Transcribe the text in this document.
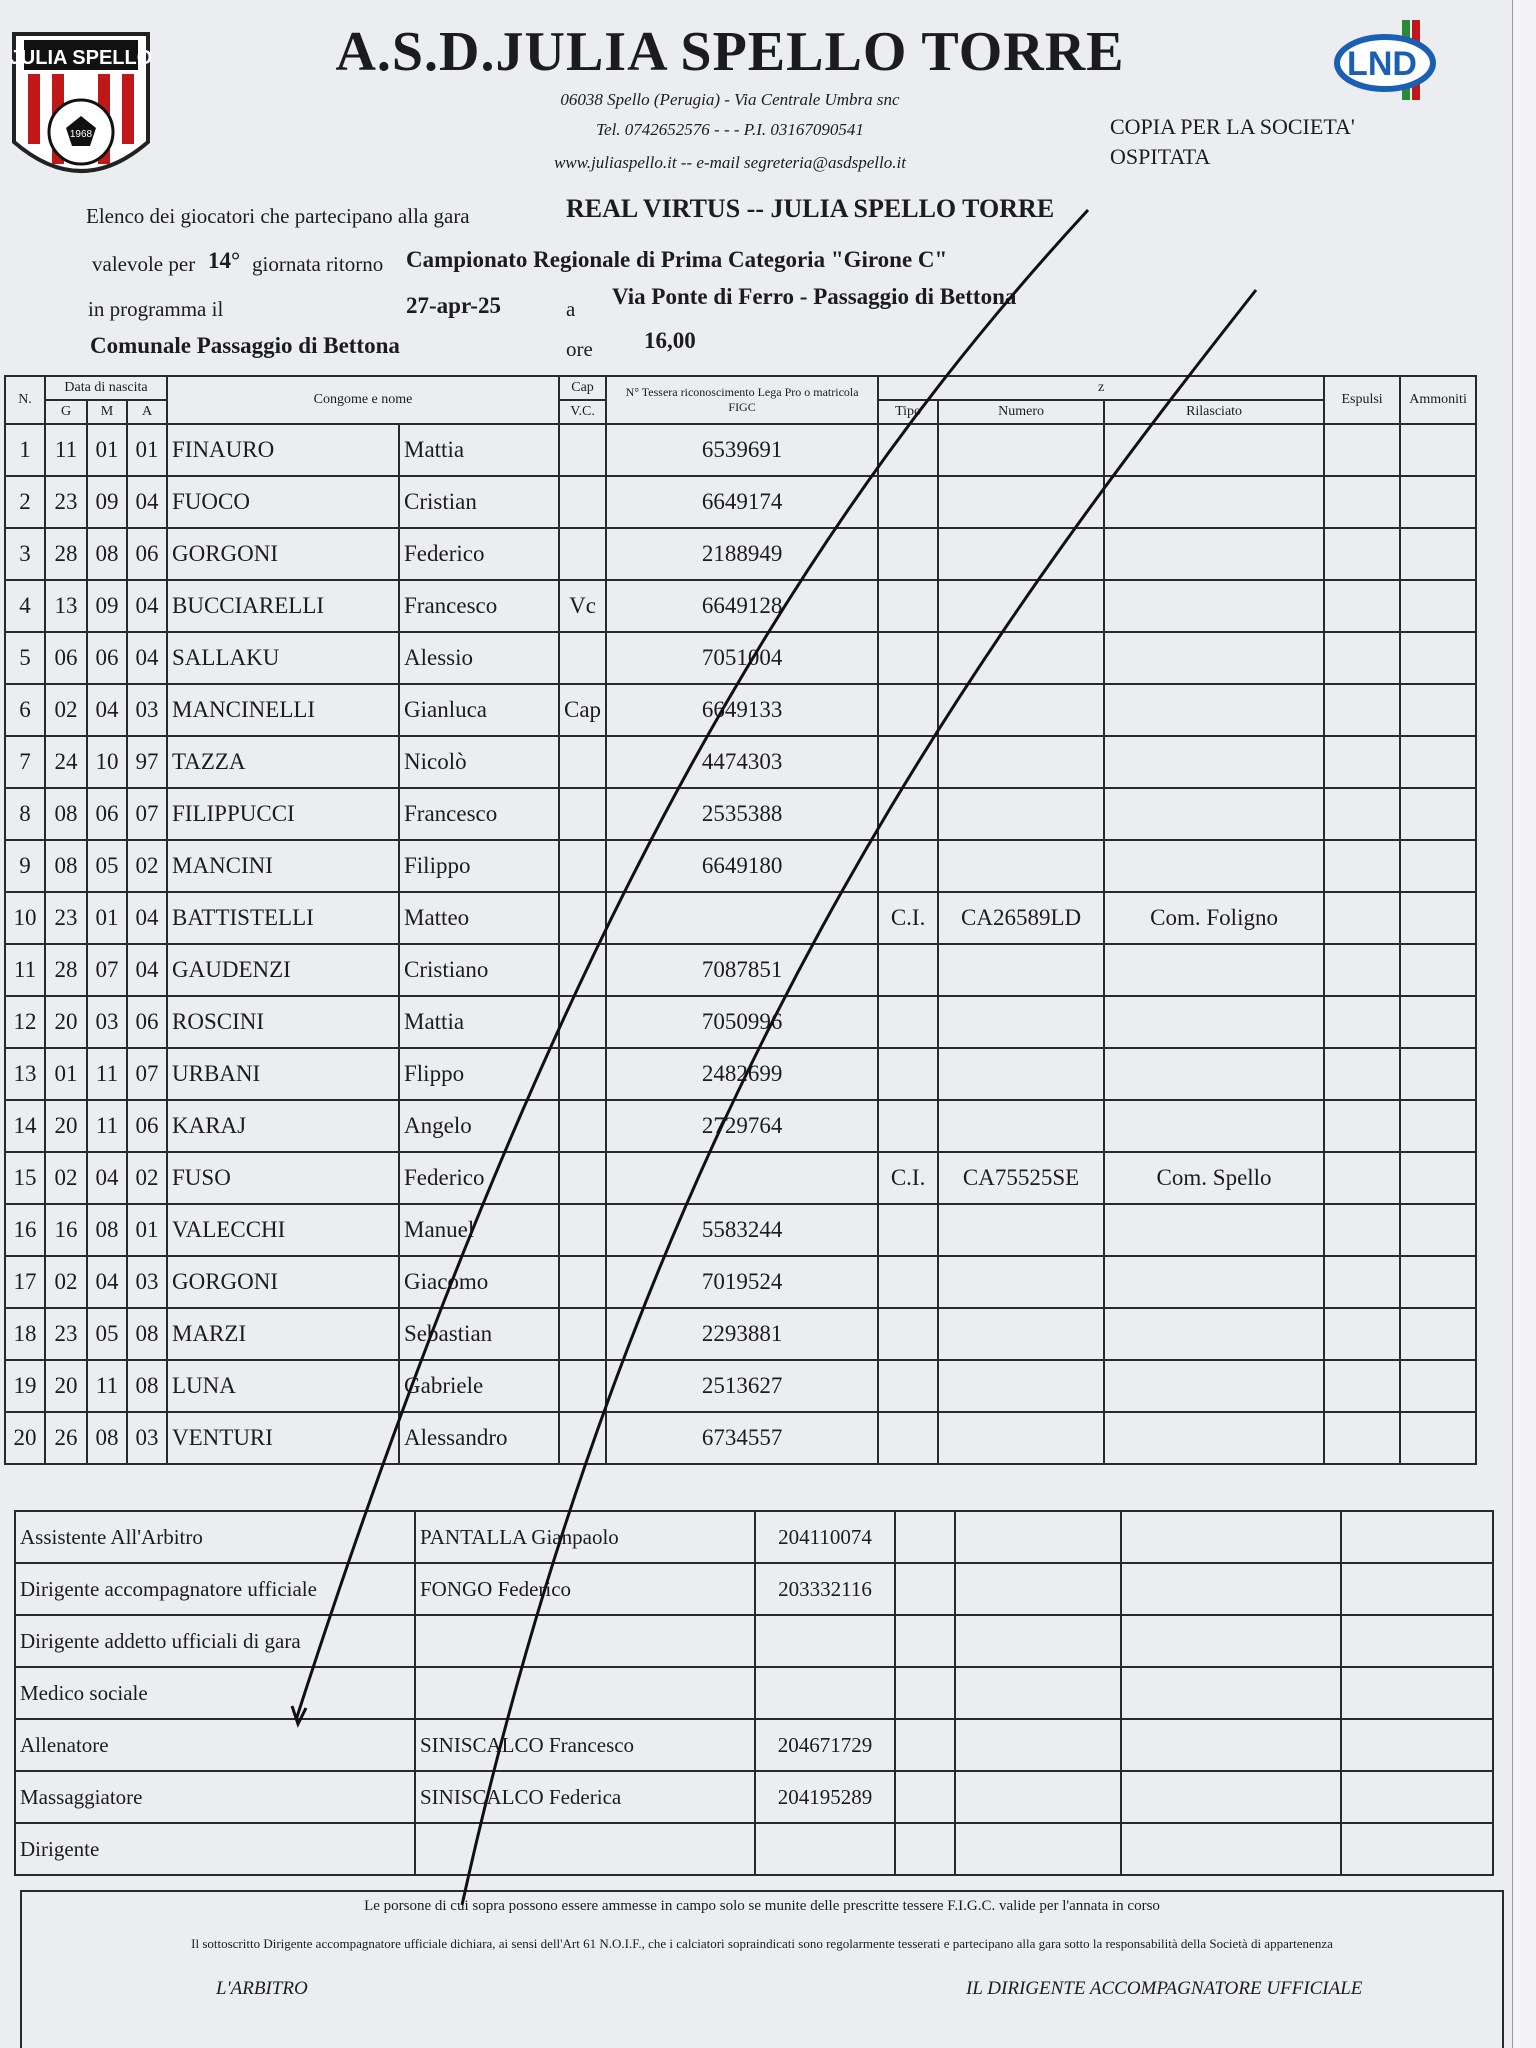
JULIA SPELLO
1968
A.S.D.JULIA SPELLO TORRE
06038 Spello (Perugia) - Via Centrale Umbra snc
Tel. 0742652576 - - - P.I. 03167090541
www.juliaspello.it -- e-mail segreteria@asdspello.it
LND
COPIA PER LA SOCIETA' OSPITATA
Elenco dei giocatori che partecipano alla gara	REAL VIRTUS -- JULIA SPELLO TORRE
valevole per 14° giornata ritorno Campionato Regionale di Prima Categoria "Girone C"
in programma il	27-apr-25	a Via Ponte di Ferro - Passaggio di Bettona
Comunale Passaggio di Bettona	ore 16,00
N.	Data di nascita			Congome e nome		Cap	N° Tessera riconoscimento Lega Pro o matricola FIGC	z			Espulsi	Ammoniti
	G	M	A			V.C.		Tipo	Numero	Rilasciato		
1	11	01	01	FINAURO	Mattia		6539691					
2	23	09	04	FUOCO	Cristian		6649174					
3	28	08	06	GORGONI	Federico		2188949					
4	13	09	04	BUCCIARELLI	Francesco	Vc	6649128					
5	06	06	04	SALLAKU	Alessio		7051004					
6	02	04	03	MANCINELLI	Gianluca	Cap	6649133					
7	24	10	97	TAZZA	Nicolò		4474303					
8	08	06	07	FILIPPUCCI	Francesco		2535388					
9	08	05	02	MANCINI	Filippo		6649180					
10	23	01	04	BATTISTELLI	Matteo			C.I.	CA26589LD	Com. Foligno		
11	28	07	04	GAUDENZI	Cristiano		7087851					
12	20	03	06	ROSCINI	Mattia		7050996					
13	01	11	07	URBANI	Flippo		2482699					
14	20	11	06	KARAJ	Angelo		2729764					
15	02	04	02	FUSO	Federico			C.I.	CA75525SE	Com. Spello		
16	16	08	01	VALECCHI	Manuel		5583244					
17	02	04	03	GORGONI	Giacomo		7019524					
18	23	05	08	MARZI	Sebastian		2293881					
19	20	11	08	LUNA	Gabriele		2513627					
20	26	08	03	VENTURI	Alessandro		6734557					
Assistente All'Arbitro	PANTALLA Gianpaolo	204110074				
Dirigente accompagnatore ufficiale	FONGO Federico	203332116				
Dirigente addetto ufficiali di gara						
Medico sociale						
Allenatore	SINISCALCO Francesco	204671729				
Massaggiatore	SINISCALCO Federica	204195289				
Dirigente						
Le porsone di cui sopra possono essere ammesse in campo solo se munite delle prescritte tessere F.I.G.C. valide per l'annata in corso
Il sottoscritto Dirigente accompagnatore ufficiale dichiara, ai sensi dell'Art 61 N.O.I.F., che i calciatori sopraindicati sono regolarmente tesserati e partecipano alla gara sotto la responsabilità della Società di appartenenza
L'ARBITRO	IL DIRIGENTE ACCOMPAGNATORE UFFICIALE
